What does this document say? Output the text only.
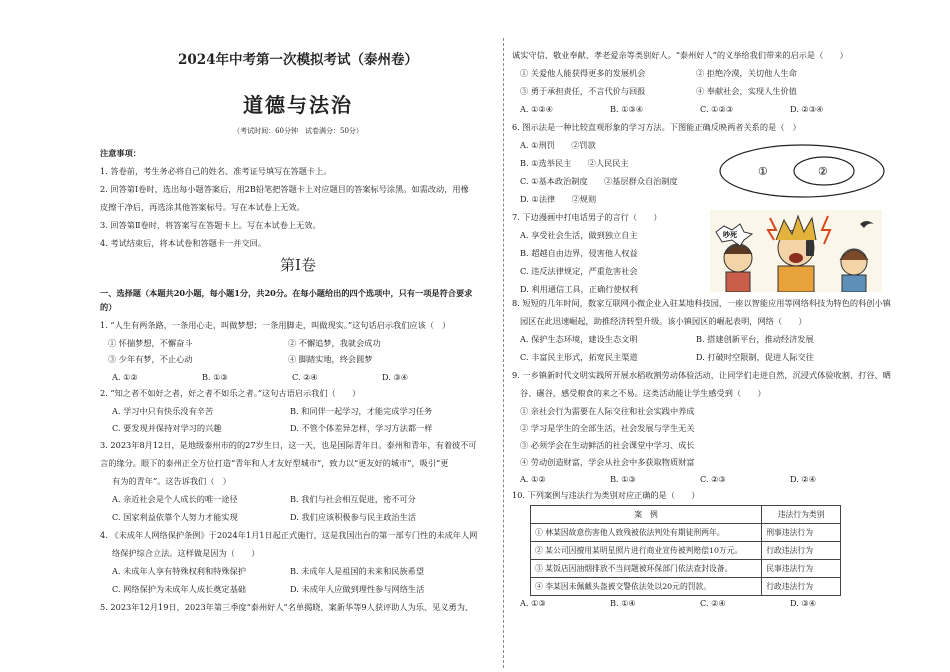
2024年中考第一次模拟考试（泰州卷）
道德与法治
（考试时间：60分钟　试卷满分：50分）
注意事项：
1. 答卷前，考生务必将自己的姓名、准考证号填写在答题卡上。
2. 回答第Ⅰ卷时，选出每小题答案后，用2B铅笔把答题卡上对应题目的答案标号涂黑。如需改动，用橡
皮擦干净后，再选涂其他答案标号。写在本试卷上无效。
3. 回答第Ⅱ卷时，将答案写在答题卡上。写在本试卷上无效。
4. 考试结束后，将本试卷和答题卡一并交回。
第Ⅰ卷
一、选择题（本题共20小题，每小题1分，共20分。在每小题给出的四个选项中，只有一项是符合要求
的）
1. “人生有两条路，一条用心走，叫做梦想；一条用脚走，叫做现实。”这句话启示我们应该（　）
① 怀揣梦想，不懈奋斗	② 不懈追梦，我就会成功
③ 少年有梦，不止心动	④ 脚踏实地，终会圆梦
A. ①②	B. ①③	C. ②④	D. ③④
2. “知之者不如好之者，好之者不如乐之者。”这句古语启示我们（　　）
A. 学习中只有快乐没有辛苦	B. 和同伴一起学习，才能完成学习任务
C. 要发现并保持对学习的兴趣	D. 不管个体差异怎样，学习方法都一样
3. 2023年8月12日，是地级泰州市的的27岁生日，这一天，也是国际青年日。泰州和青年，有着彼不可
言的缘分。眼下的泰州正全方位打造“青年和人才友好型城市”，致力以“更友好的城市”，吸引“更
有为的青年”。这告诉我们（　）
A. 亲近社会是个人成长的唯一途径	B. 我们与社会相互促进，密不可分
C. 国家利益依靠个人努力才能实现	D. 我们应该积极参与民主政治生活
4. 《未成年人网络保护条例》于2024年1月1日起正式施行，这是我国出台的第一部专门性的未成年人网
络保护综合立法。这样做是因为（　　）
A. 未成年人享有特殊权利和特殊保护	B. 未成年人是祖国的未来和民族希望
C. 网络保护为未成年人成长奠定基础	D. 未成年人应做到理性参与网络生活
5. 2023年12月19日，2023年第三季度“泰州好人”名单揭晓，案新华等9人获评助人为乐、见义勇为、
诚实守信、敬业奉献、孝老爱亲等类别好人。“泰州好人”的义举给我们带来的启示是（　　）
① 关爱他人能获得更多的发展机会	② 拒绝冷漠，关切他人生命
③ 勇于承担责任，不言代价与回报	④ 奉献社会，实现人生价值
A. ①②④	B. ①③④	C. ①②③	D. ②③④
6. 图示法是一种比较直观形象的学习方法。下图能正确反映两者关系的是（　）
A. ①刑罚　　②罚款
B. ①选举民主　　②人民民主
C. ①基本政治制度　　②基层群众自治制度
D. ①法律　　②规则
①	②
7. 下边漫画中打电话男子的言行（　　）
A. 享受社会生活，做到独立自主
B. 超越自由边界，侵害他人权益
C. 违反法律规定，严重危害社会
D. 利用通信工具，正确行使权利
吵死
8. 短短的几年时间，数家互联网小微企业入驻某地科技园，一座以智能应用等网络科技为特色的科创小镇
园区在此迅速崛起，助推经济转型升级。该小镇园区的崛起表明，网络（　　）
A. 保护生态环境，建设生态文明	B. 搭建创新平台，推动经济发展
C. 丰富民主形式，拓宽民主渠道	D. 打破时空限制，促进人际交往
9. 一乡镇新时代文明实践所开展水稻收割劳动体验活动，让同学们走进自然，沉浸式体验收割、打谷、晒
谷、碾谷，感受粮食的来之不易。这类活动能让学生感受到（　　）
① 亲社会行为需要在人际交往和社会实践中养成
② 学习是学生的全部生活，社会发展与学生无关
③ 必须学会在生动鲜活的社会课堂中学习、成长
④ 劳动创造财富，学会从社会中多获取物质财富
A. ①②	B. ①③	C. ②③	D. ②④
10. 下列案例与违法行为类别对应正确的是（　　）
案　例	违法行为类别
① 林某因故意伤害他人致残被依法判处有期徒刑两年。	刑事违法行为
② 某公司因擅用某明星照片进行商业宣传被判赔偿10万元。	行政违法行为
③ 某饭店因油烟排放不当问题被环保部门依法查封设备。	民事违法行为
④ 李某因未佩戴头盔被交警依法处以20元的罚款。	行政违法行为
A. ①③	B. ①④	C. ②④	D. ③④
